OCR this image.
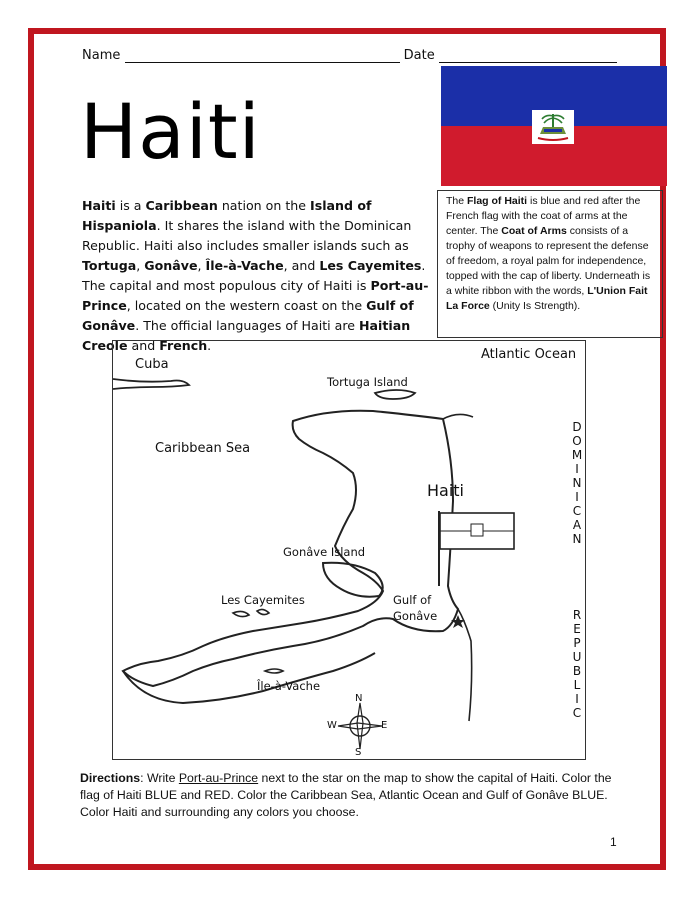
Name	Date
Haiti
The Flag of Haiti is blue and red after the French flag with the coat of arms at the center. The Coat of Arms consists of a trophy of weapons to represent the defense of freedom, a royal palm for independence, topped with the cap of liberty. Underneath is a white ribbon with the words, L'Union Fait La Force (Unity Is Strength).
Haiti is a Caribbean nation on the Island of Hispaniola. It shares the island with the Dominican Republic. Haiti also includes smaller islands such as Tortuga, Gonâve, Île-à-Vache, and Les Cayemites. The capital and most populous city of Haiti is Port-au-Prince, located on the western coast on the Gulf of Gonâve. The official languages of Haiti are Haitian Creole and French.
Cuba
Atlantic Ocean
Tortuga Island
Caribbean Sea
Haiti
Gonâve Island
Les Cayemites	Gulf of
Gonâve
Île-à-Vache
N
S
E
W
D
O
M
I
N
I
C
A
N
R
E
P
U
B
L
I
C
Directions: Write Port-au-Prince next to the star on the map to show the capital of Haiti. Color the flag of Haiti BLUE and RED. Color the Caribbean Sea, Atlantic Ocean and Gulf of Gonâve BLUE. Color Haiti and surrounding any colors you choose.
1
